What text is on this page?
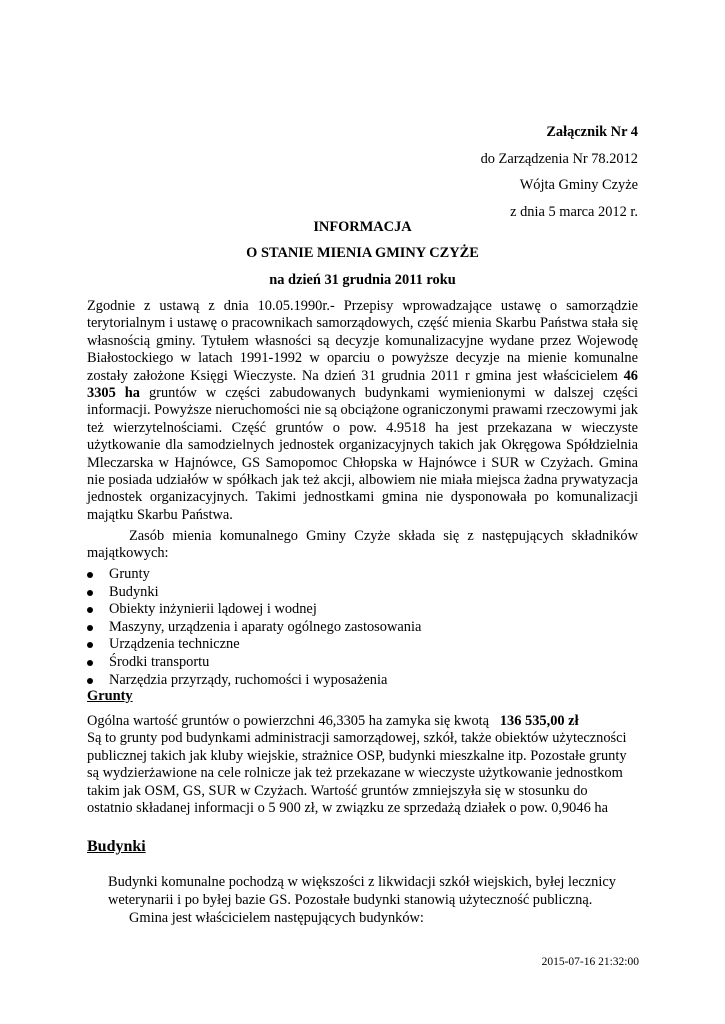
Załącznik Nr 4
do Zarządzenia Nr 78.2012
Wójta Gminy Czyże
z dnia 5 marca 2012 r.
INFORMACJA
O STANIE MIENIA GMINY CZYŻE
na dzień 31 grudnia 2011 roku
Zgodnie z ustawą z dnia 10.05.1990r.- Przepisy wprowadzające ustawę o samorządzie terytorialnym i ustawę o pracownikach samorządowych, część mienia Skarbu Państwa stała się własnością gminy. Tytułem własności są decyzje komunalizacyjne wydane przez Wojewodę Białostockiego w latach 1991-1992 w oparciu o powyższe decyzje na mienie komunalne zostały założone Księgi Wieczyste. Na dzień 31 grudnia 2011 r gmina jest właścicielem 46 3305 ha gruntów w części zabudowanych budynkami wymienionymi w dalszej części informacji. Powyższe nieruchomości nie są obciążone ograniczonymi prawami rzeczowymi jak też wierzytelnościami. Część gruntów o pow. 4.9518 ha jest przekazana w wieczyste użytkowanie dla samodzielnych jednostek organizacyjnych takich jak Okręgowa Spółdzielnia Mleczarska w Hajnówce, GS Samopomoc Chłopska w Hajnówce i SUR w Czyżach. Gmina nie posiada udziałów w spółkach jak też akcji, albowiem nie miała miejsca żadna prywatyzacja jednostek organizacyjnych. Takimi jednostkami gmina nie dysponowała po komunalizacji majątku Skarbu Państwa.
Zasób mienia komunalnego Gminy Czyże składa się z następujących składników majątkowych:
Grunty
Budynki
Obiekty inżynierii lądowej i wodnej
Maszyny, urządzenia i aparaty ogólnego zastosowania
Urządzenia techniczne
Środki transportu
Narzędzia przyrządy, ruchomości i wyposażenia
Grunty
Ogólna wartość gruntów o powierzchni 46,3305 ha zamyka się kwotą 136 535,00 zł
Są to grunty pod budynkami administracji samorządowej, szkół, także obiektów użyteczności
publicznej takich jak kluby wiejskie, strażnice OSP, budynki mieszkalne itp. Pozostałe grunty
są wydzierżawione na cele rolnicze jak też przekazane w wieczyste użytkowanie jednostkom
takim jak OSM, GS, SUR w Czyżach. Wartość gruntów zmniejszyła się w stosunku do
ostatnio składanej informacji o 5 900 zł, w związku ze sprzedażą działek o pow. 0,9046 ha
Budynki
Budynki komunalne pochodzą w większości z likwidacji szkół wiejskich, byłej lecznicy
weterynarii i po byłej bazie GS. Pozostałe budynki stanowią użyteczność publiczną.
Gmina jest właścicielem następujących budynków:
2015-07-16 21:32:00
